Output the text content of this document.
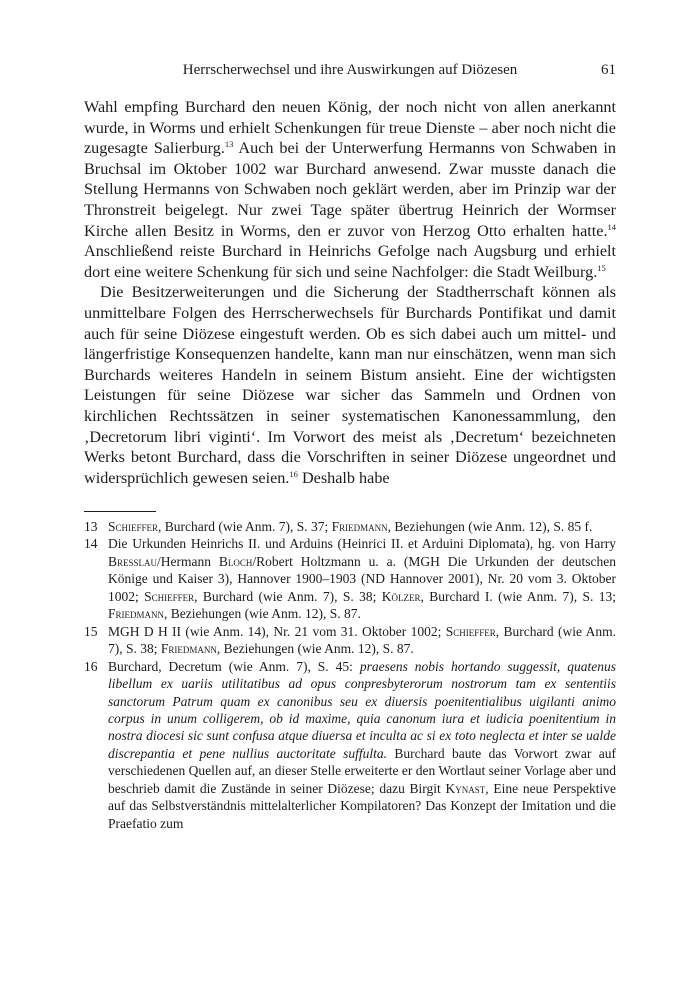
Herrscherwechsel und ihre Auswirkungen auf Diözesen	61

Wahl empfing Burchard den neuen König, der noch nicht von allen anerkannt wurde, in Worms und erhielt Schenkungen für treue Dienste – aber noch nicht die zugesagte Salierburg.$^{13}$ Auch bei der Unterwerfung Hermanns von Schwaben in Bruchsal im Oktober 1002 war Burchard anwesend. Zwar musste danach die Stellung Hermanns von Schwaben noch geklärt werden, aber im Prinzip war der Thronstreit beigelegt. Nur zwei Tage später übertrug Heinrich der Wormser Kirche allen Besitz in Worms, den er zuvor von Herzog Otto erhalten hatte.$^{14}$ Anschließend reiste Burchard in Heinrichs Gefolge nach Augsburg und erhielt dort eine weitere Schenkung für sich und seine Nachfolger: die Stadt Weilburg.$^{15}$

Die Besitzerweiterungen und die Sicherung der Stadtherrschaft können als unmittelbare Folgen des Herrscherwechsels für Burchards Pontifikat und damit auch für seine Diözese eingestuft werden. Ob es sich dabei auch um mittel- und längerfristige Konsequenzen handelte, kann man nur einschätzen, wenn man sich Burchards weiteres Handeln in seinem Bistum ansieht. Eine der wichtigsten Leistungen für seine Diözese war sicher das Sammeln und Ordnen von kirchlichen Rechtssätzen in seiner systematischen Kanonessammlung, den ‚Decretorum libri viginti‘. Im Vorwort des meist als ‚Decretum‘ bezeichneten Werks betont Burchard, dass die Vorschriften in seiner Diözese ungeordnet und widersprüchlich gewesen seien.$^{16}$ Deshalb habe

13 Schieffer, Burchard (wie Anm. 7), S. 37; Friedmann, Beziehungen (wie Anm. 12), S. 85 f.
14 Die Urkunden Heinrichs II. und Arduins (Heinrici II. et Arduini Diplomata), hg. von Harry Bresslau/Hermann Bloch/Robert Holtzmann u. a. (MGH Die Urkunden der deutschen Könige und Kaiser 3), Hannover 1900–1903 (ND Hannover 2001), Nr. 20 vom 3. Oktober 1002; Schieffer, Burchard (wie Anm. 7), S. 38; Kölzer, Burchard I. (wie Anm. 7), S. 13; Friedmann, Beziehungen (wie Anm. 12), S. 87.
15 MGH D H II (wie Anm. 14), Nr. 21 vom 31. Oktober 1002; Schieffer, Burchard (wie Anm. 7), S. 38; Friedmann, Beziehungen (wie Anm. 12), S. 87.
16 Burchard, Decretum (wie Anm. 7), S. 45: praesens nobis hortando suggessit, quatenus libellum ex uariis utilitatibus ad opus conpresbyterorum nostrorum tam ex sententiis sanctorum Patrum quam ex canonibus seu ex diuersis poenitentialibus uigilanti animo corpus in unum colligerem, ob id maxime, quia canonum iura et iudicia poenitentium in nostra diocesi sic sunt confusa atque diuersa et inculta ac si ex toto neglecta et inter se ualde discrepantia et pene nullius auctoritate suffulta. Burchard baute das Vorwort zwar auf verschiedenen Quellen auf, an dieser Stelle erweiterte er den Wortlaut seiner Vorlage aber und beschrieb damit die Zustände in seiner Diözese; dazu Birgit Kynast, Eine neue Perspektive auf das Selbstverständnis mittelalterlicher Kompilatoren? Das Konzept der Imitation und die Praefatio zum
